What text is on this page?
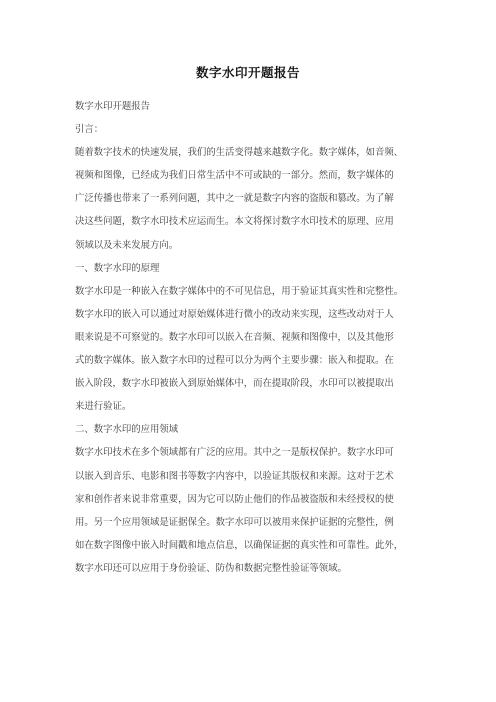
数字水印开题报告
数字水印开题报告
引言：
随着数字技术的快速发展，我们的生活变得越来越数字化。数字媒体，如音频、
视频和图像，已经成为我们日常生活中不可或缺的一部分。然而，数字媒体的
广泛传播也带来了一系列问题，其中之一就是数字内容的盗版和篡改。为了解
决这些问题，数字水印技术应运而生。本文将探讨数字水印技术的原理、应用
领域以及未来发展方向。
一、数字水印的原理
数字水印是一种嵌入在数字媒体中的不可见信息，用于验证其真实性和完整性。
数字水印的嵌入可以通过对原始媒体进行微小的改动来实现，这些改动对于人
眼来说是不可察觉的。数字水印可以嵌入在音频、视频和图像中，以及其他形
式的数字媒体。嵌入数字水印的过程可以分为两个主要步骤：嵌入和提取。在
嵌入阶段，数字水印被嵌入到原始媒体中，而在提取阶段，水印可以被提取出
来进行验证。
二、数字水印的应用领域
数字水印技术在多个领域都有广泛的应用。其中之一是版权保护。数字水印可
以嵌入到音乐、电影和图书等数字内容中，以验证其版权和来源。这对于艺术
家和创作者来说非常重要，因为它可以防止他们的作品被盗版和未经授权的使
用。另一个应用领域是证据保全。数字水印可以被用来保护证据的完整性，例
如在数字图像中嵌入时间戳和地点信息，以确保证据的真实性和可靠性。此外，
数字水印还可以应用于身份验证、防伪和数据完整性验证等领域。
